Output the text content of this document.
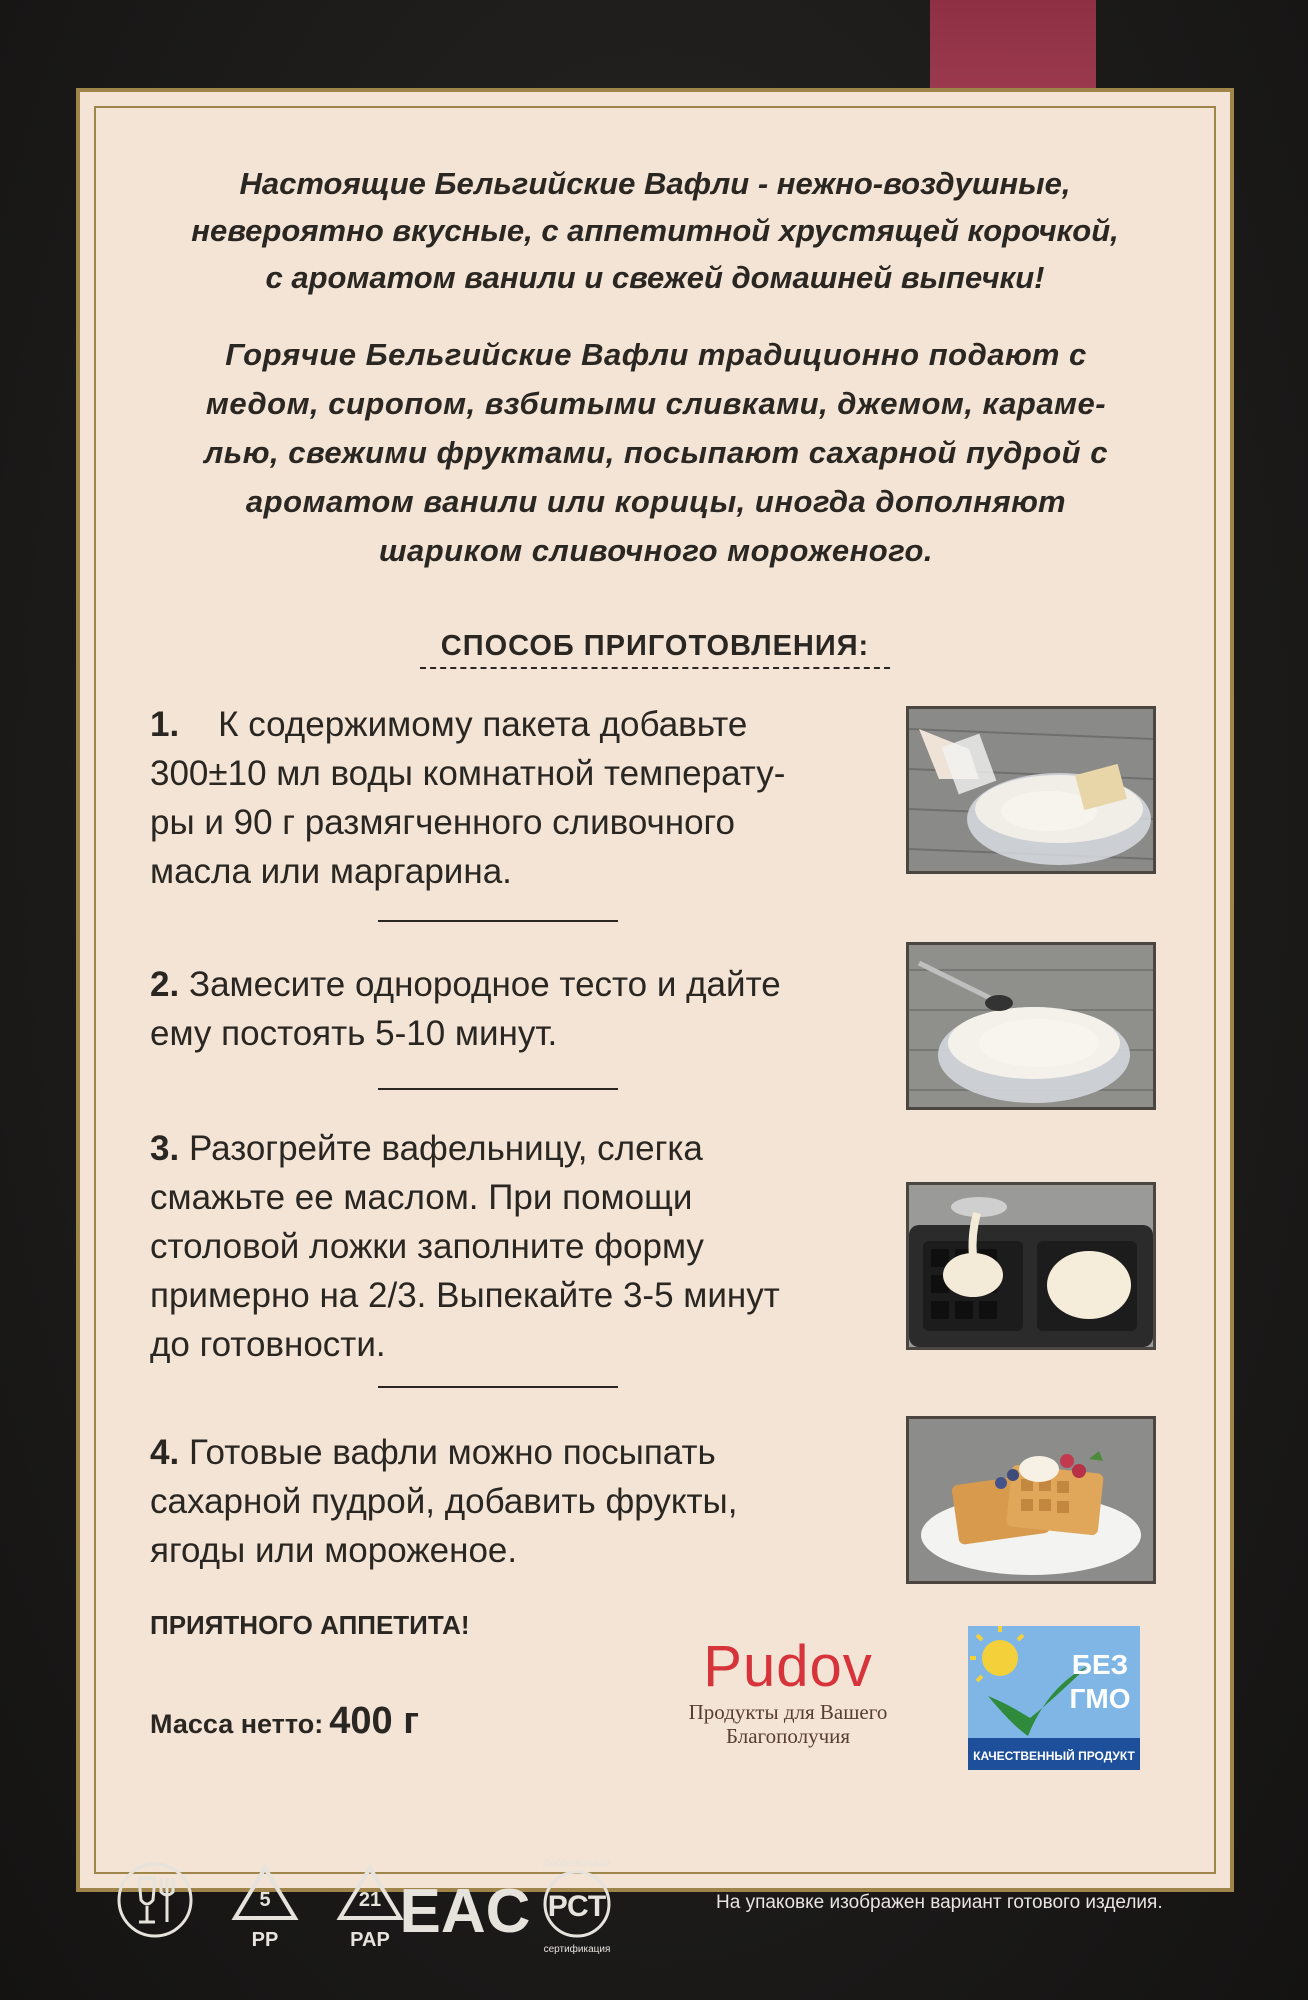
Настоящие Бельгийские Вафли - нежно-воздушные,
невероятно вкусные, с аппетитной хрустящей корочкой,
с ароматом ванили и свежей домашней выпечки!
Горячие Бельгийские Вафли традиционно подают с
медом, сиропом, взбитыми сливками, джемом, караме-
лью, свежими фруктами, посыпают сахарной пудрой с
ароматом ванили или корицы, иногда дополняют
шариком сливочного мороженого.
СПОСОБ ПРИГОТОВЛЕНИЯ:
1. К содержимому пакета добавьте
300±10 мл воды комнатной температу-
ры и 90 г размягченного сливочного
масла или маргарина.
2. Замесите однородное тесто и дайте
ему постоять 5-10 минут.
3. Разогрейте вафельницу, слегка
смажьте ее маслом. При помощи
столовой ложки заполните форму
примерно на 2/3. Выпекайте 3-5 минут
до готовности.
4. Готовые вафли можно посыпать
сахарной пудрой, добавить фрукты,
ягоды или мороженое.
ПРИЯТНОГО АППЕТИТА!
Масса нетто: 400 г
Pudov
Продукты для Вашего
Благополучия
БЕЗ
ГМО
КАЧЕСТВЕННЫЙ ПРОДУКТ
5
PP
21
PAP EAC РСТ
Добровольная
сертификация
На упаковке изображен вариант готового изделия.
